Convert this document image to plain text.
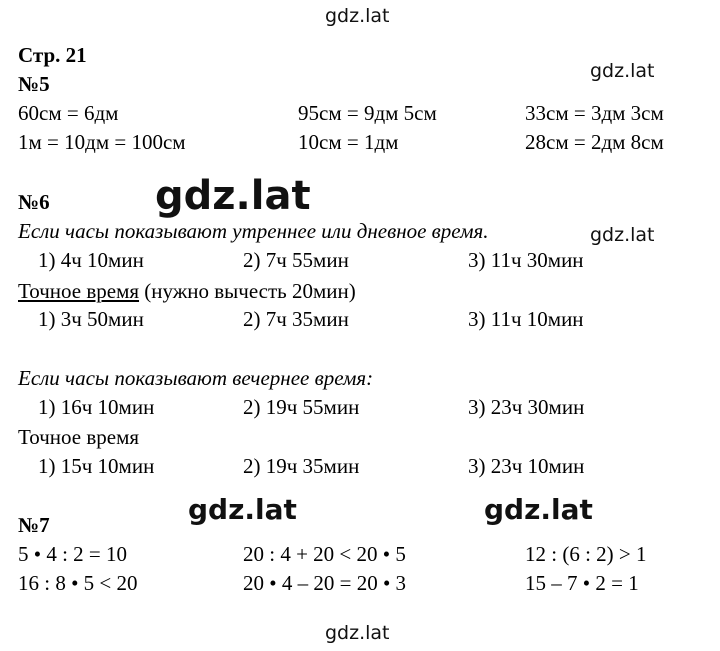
gdz.lat
gdz.lat
gdz.lat
gdz.lat
gdz.lat	gdz.lat
gdz.lat
Стр. 21
№5
60см = 6дм	95см = 9дм 5см	33см = 3дм 3см
1м = 10дм = 100см	10см = 1дм	28см = 2дм 8см
№6
Если часы показывают утреннее или дневное время.
1) 4ч 10мин	2) 7ч 55мин	3) 11ч 30мин
Точное время (нужно вычесть 20мин)
1) 3ч 50мин	2) 7ч 35мин	3) 11ч 10мин
Если часы показывают вечернее время:
1) 16ч 10мин	2) 19ч 55мин	3) 23ч 30мин
Точное время
1) 15ч 10мин	2) 19ч 35мин	3) 23ч 10мин
№7
5 • 4 : 2 = 10	20 : 4 + 20 < 20 • 5	12 : (6 : 2) > 1
16 : 8 • 5 < 20	20 • 4 – 20 = 20 • 3	15 – 7 • 2 = 1
